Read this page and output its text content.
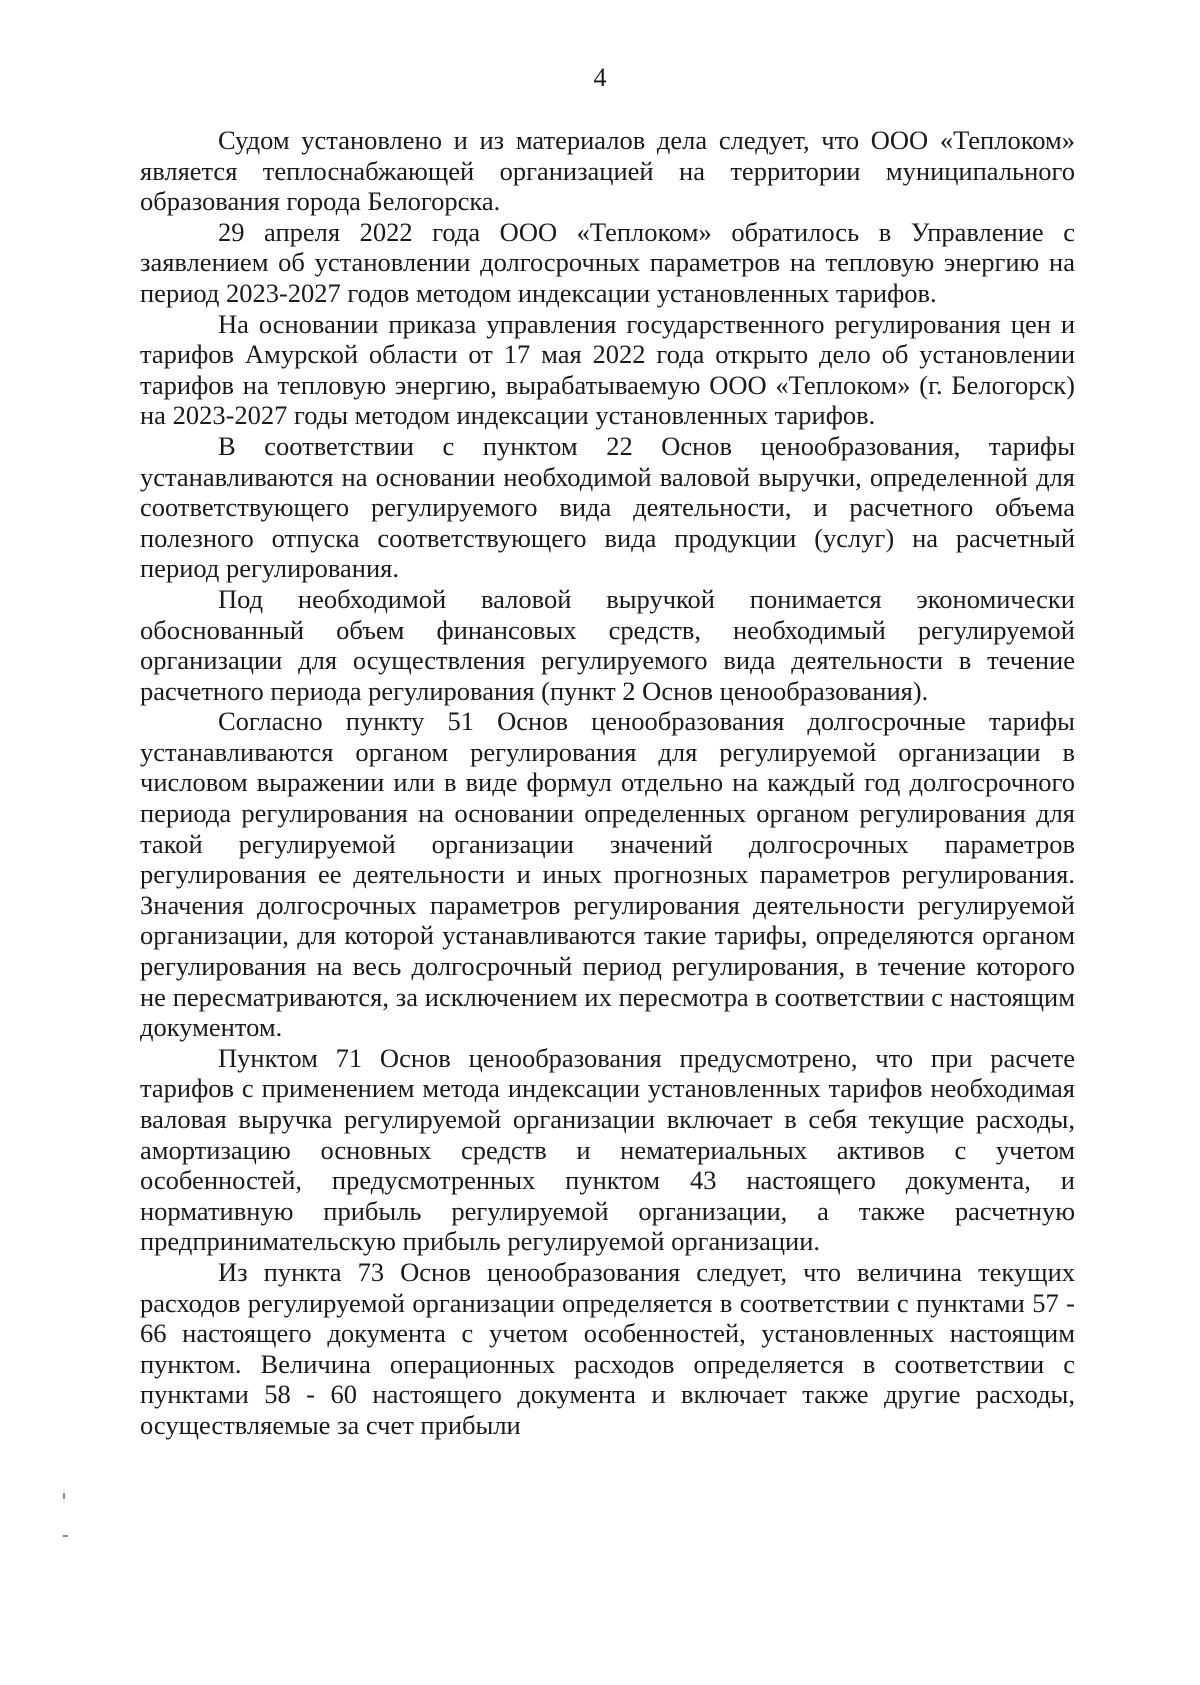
4

Судом установлено и из материалов дела следует, что ООО «Теплоком» является теплоснабжающей организацией на территории муниципального образования города Белогорска.

29 апреля 2022 года ООО «Теплоком» обратилось в Управление с заявлением об установлении долгосрочных параметров на тепловую энергию на период 2023-2027 годов методом индексации установленных тарифов.

На основании приказа управления государственного регулирования цен и тарифов Амурской области от 17 мая 2022 года открыто дело об установлении тарифов на тепловую энергию, вырабатываемую ООО «Теплоком» (г. Белогорск) на 2023-2027 годы методом индексации установленных тарифов.

В соответствии с пунктом 22 Основ ценообразования, тарифы устанавливаются на основании необходимой валовой выручки, определенной для соответствующего регулируемого вида деятельности, и расчетного объема полезного отпуска соответствующего вида продукции (услуг) на расчетный период регулирования.

Под необходимой валовой выручкой понимается экономически обоснованный объем финансовых средств, необходимый регулируемой организации для осуществления регулируемого вида деятельности в течение расчетного периода регулирования (пункт 2 Основ ценообразования).

Согласно пункту 51 Основ ценообразования долгосрочные тарифы устанавливаются органом регулирования для регулируемой организации в числовом выражении или в виде формул отдельно на каждый год долгосрочного периода регулирования на основании определенных органом регулирования для такой регулируемой организации значений долгосрочных параметров регулирования ее деятельности и иных прогнозных параметров регулирования. Значения долгосрочных параметров регулирования деятельности регулируемой организации, для которой устанавливаются такие тарифы, определяются органом регулирования на весь долгосрочный период регулирования, в течение которого не пересматриваются, за исключением их пересмотра в соответствии с настоящим документом.

Пунктом 71 Основ ценообразования предусмотрено, что при расчете тарифов с применением метода индексации установленных тарифов необходимая валовая выручка регулируемой организации включает в себя текущие расходы, амортизацию основных средств и нематериальных активов с учетом особенностей, предусмотренных пунктом 43 настоящего документа, и нормативную прибыль регулируемой организации, а также расчетную предпринимательскую прибыль регулируемой организации.

Из пункта 73 Основ ценообразования следует, что величина текущих расходов регулируемой организации определяется в соответствии с пунктами 57 - 66 настоящего документа с учетом особенностей, установленных настоящим пунктом. Величина операционных расходов определяется в соответствии с пунктами 58 - 60 настоящего документа и включает также другие расходы, осуществляемые за счет прибыли
